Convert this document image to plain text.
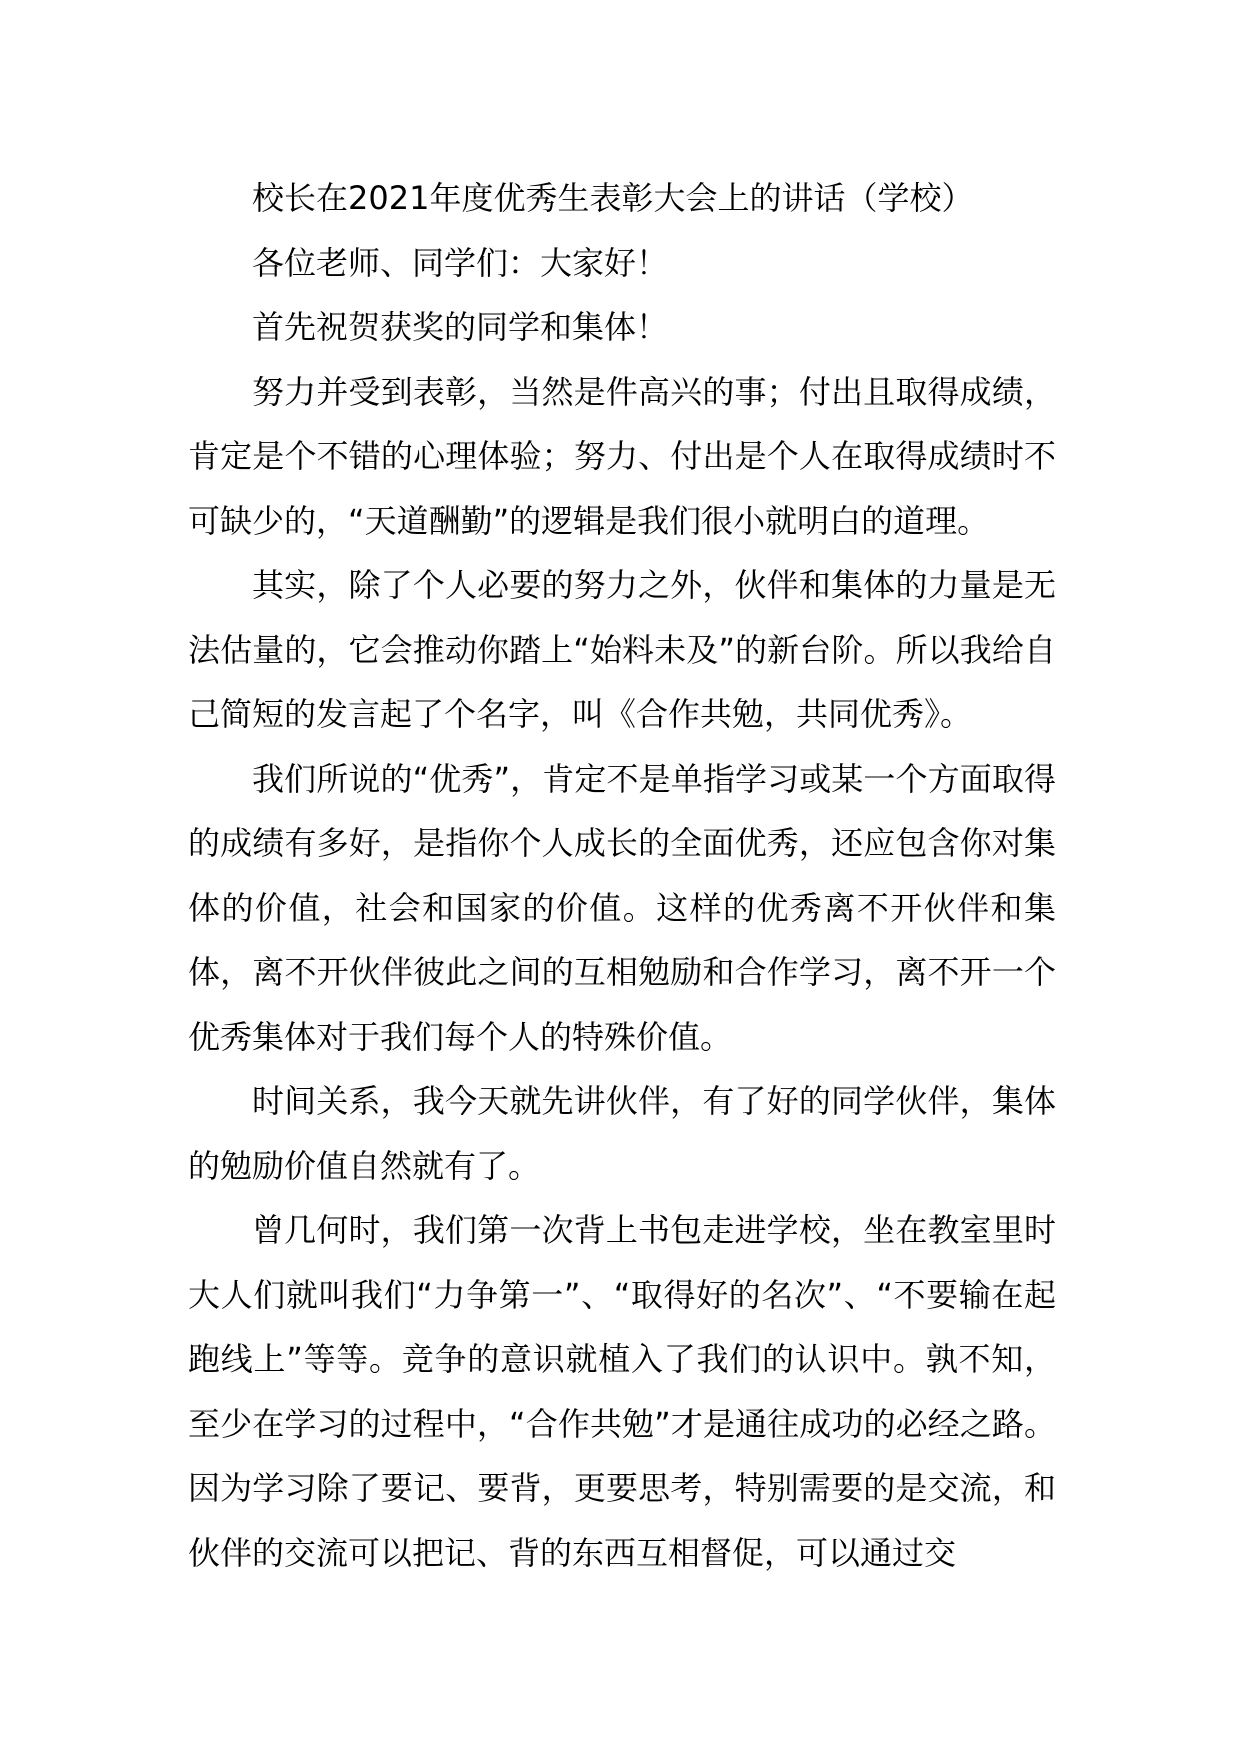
校长在2021年度优秀生表彰大会上的讲话（学校）

各位老师、同学们：大家好！

首先祝贺获奖的同学和集体！

努力并受到表彰，当然是件高兴的事；付出且取得成绩，肯定是个不错的心理体验；努力、付出是个人在取得成绩时不可缺少的，“天道酬勤”的逻辑是我们很小就明白的道理。

其实，除了个人必要的努力之外，伙伴和集体的力量是无法估量的，它会推动你踏上“始料未及”的新台阶。所以我给自己简短的发言起了个名字，叫《合作共勉，共同优秀》。

我们所说的“优秀”，肯定不是单指学习或某一个方面取得的成绩有多好，是指你个人成长的全面优秀，还应包含你对集体的价值，社会和国家的价值。这样的优秀离不开伙伴和集体，离不开伙伴彼此之间的互相勉励和合作学习，离不开一个优秀集体对于我们每个人的特殊价值。

时间关系，我今天就先讲伙伴，有了好的同学伙伴，集体的勉励价值自然就有了。

曾几何时，我们第一次背上书包走进学校，坐在教室里时大人们就叫我们“力争第一”、“取得好的名次”、“不要输在起跑线上”等等。竞争的意识就植入了我们的认识中。孰不知，至少在学习的过程中，“合作共勉”才是通往成功的必经之路。因为学习除了要记、要背，更要思考，特别需要的是交流，和伙伴的交流可以把记、背的东西互相督促，可以通过交
